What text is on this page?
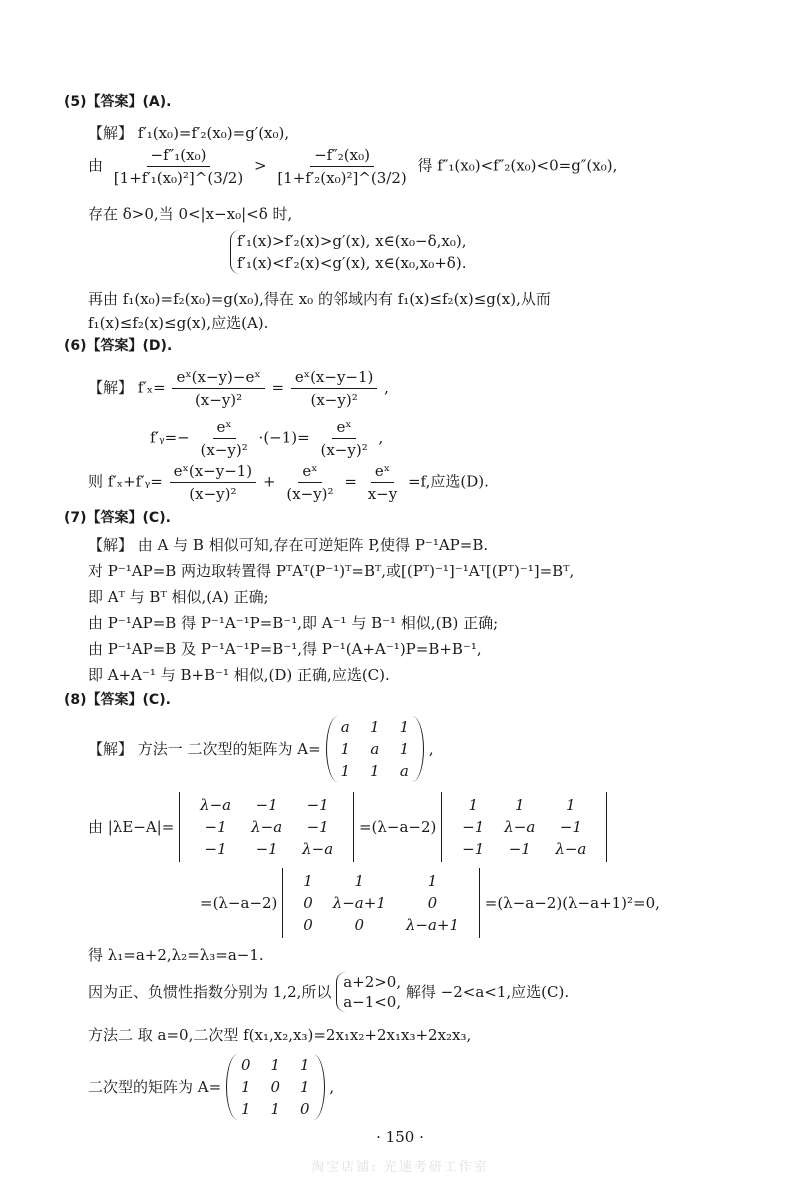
(5)【答案】(A).
【解】 f′₁(x₀)=f′₂(x₀)=g′(x₀),
由 $\frac{\text{−f″₁(x₀)}}{\text{[1+f′₁(x₀)²]\textasciicircum{}(3/2)}} > \frac{\text{−f″₂(x₀)}}{\text{[1+f′₂(x₀)²]\textasciicircum{}(3/2)}}$ 得 f″₁(x₀)<f″₂(x₀)<0=g″(x₀),
存在 δ>0,当 0<|x−x₀|<δ 时,
f′₁(x)>f′₂(x)>g′(x), x∈(x₀−δ,x₀),
f′₁(x)<f′₂(x)<g′(x), x∈(x₀,x₀+δ).
再由 f₁(x₀)=f₂(x₀)=g(x₀),得在 x₀ 的邻域内有 f₁(x)≤f₂(x)≤g(x),从而
f₁(x)≤f₂(x)≤g(x),应选(A).
(6)【答案】(D).
【解】 $f'_x= \frac{\text{eˣ(x−y)−eˣ}}{\text{(x−y)²}} = \frac{\text{eˣ(x−y−1)}}{\text{(x−y)²}}$ ,
f′ᵧ=− $\frac{\text{eˣ}}{\text{(x−y)²}} \cdot(-1)= \frac{\text{eˣ}}{\text{(x−y)²}}$ ,
则 f′ₓ+f′ᵧ= $\frac{\text{eˣ(x−y−1)}}{\text{(x−y)²}} + \frac{\text{eˣ}}{\text{(x−y)²}} = \frac{\text{eˣ}}{x-y} =f$,应选(D).
(7)【答案】(C).
【解】 由 A 与 B 相似可知,存在可逆矩阵 P,使得 P⁻¹AP=B.
对 P⁻¹AP=B 两边取转置得 PᵀAᵀ(P⁻¹)ᵀ=Bᵀ,或[(Pᵀ)⁻¹]⁻¹Aᵀ[(Pᵀ)⁻¹]=Bᵀ,
即 Aᵀ 与 Bᵀ 相似,(A) 正确;
由 P⁻¹AP=B 得 P⁻¹A⁻¹P=B⁻¹,即 A⁻¹ 与 B⁻¹ 相似,(B) 正确;
由 P⁻¹AP=B 及 P⁻¹A⁻¹P=B⁻¹,得 P⁻¹(A+A⁻¹)P=B+B⁻¹,
即 A+A⁻¹ 与 B+B⁻¹ 相似,(D) 正确,应选(C).
(8)【答案】(C).
【解】 方法一 二次型的矩阵为 A=
a	1	1
1	a	1
1	1	a
,
由 |λE−A|=
λ−a	−1	−1
−1	λ−a	−1
−1	−1	λ−a
=(λ−a−2)
1	1	1
−1	λ−a	−1
−1	−1	λ−a
=(λ−a−2)
1	1	1
0	λ−a+1	0
0	0	λ−a+1
=(λ−a−2)(λ−a+1)²=0,
得 λ₁=a+2,λ₂=λ₃=a−1.
因为正、负惯性指数分别为 1,2,所以
a+2>0,
a−1<0,
解得 −2<a<1,应选(C).
方法二 取 a=0,二次型 f(x₁,x₂,x₃)=2x₁x₂+2x₁x₃+2x₂x₃,
二次型的矩阵为 A=
0	1	1
1	0	1
1	1	0
,
· 150 ·
淘宝店铺: 光速考研工作室
